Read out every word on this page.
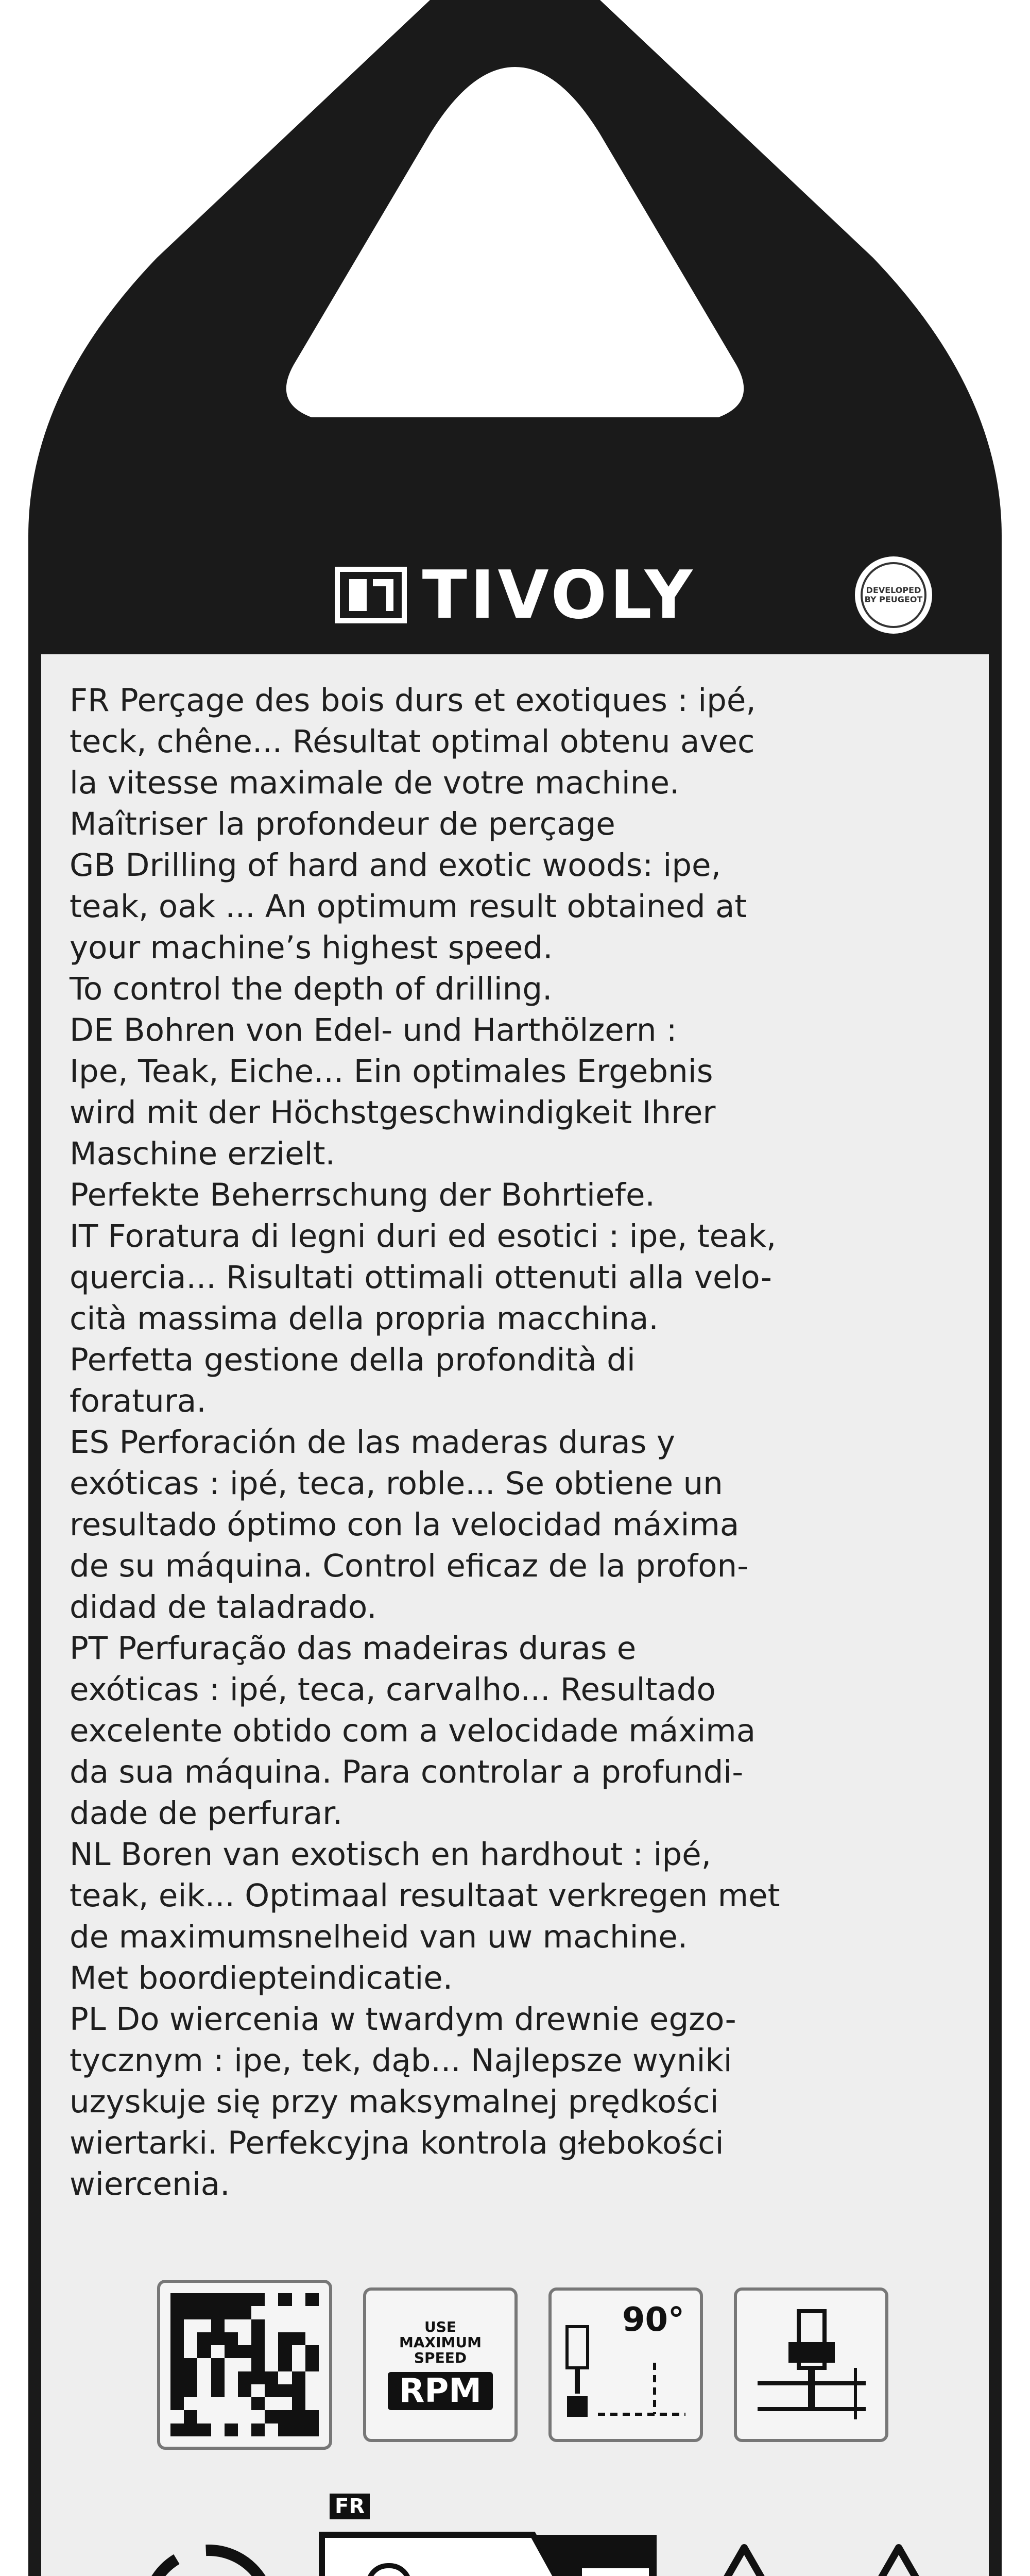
TIVOLY	DEVELOPED BY PEUGEOT
FR Perçage des bois durs et exotiques : ipé,
teck, chêne... Résultat optimal obtenu avec
la vitesse maximale de votre machine.
Maîtriser la profondeur de perçage
GB Drilling of hard and exotic woods: ipe,
teak, oak ... An optimum result obtained at
your machine’s highest speed.
To control the depth of drilling.
DE Bohren von Edel- und Harthölzern :
Ipe, Teak, Eiche... Ein optimales Ergebnis
wird mit der Höchstgeschwindigkeit Ihrer
Maschine erzielt.
Perfekte Beherrschung der Bohrtiefe.
IT Foratura di legni duri ed esotici : ipe, teak,
quercia... Risultati ottimali ottenuti alla velo-
cità massima della propria macchina.
Perfetta gestione della profondità di
foratura.
ES Perforación de las maderas duras y
exóticas : ipé, teca, roble... Se obtiene un
resultado óptimo con la velocidad máxima
de su máquina. Control eficaz de la profon-
didad de taladrado.
PT Perfuração das madeiras duras e
exóticas : ipé, teca, carvalho... Resultado
excelente obtido com a velocidade máxima
da sua máquina. Para controlar a profundi-
dade de perfurar.
NL Boren van exotisch en hardhout : ipé,
teak, eik... Optimaal resultaat verkregen met
de maximumsnelheid van uw machine.
Met boordiepteindicatie.
PL Do wiercenia w twardym drewnie egzo-
tycznym : ipe, tek, dąb... Najlepsze wyniki
uzyskuje się przy maksymalnej prędkości
wiertarki. Perfekcyjna kontrola głebokości
wiercenia.
USE
MAXIMUM
SPEED
RPM
90°
FR
